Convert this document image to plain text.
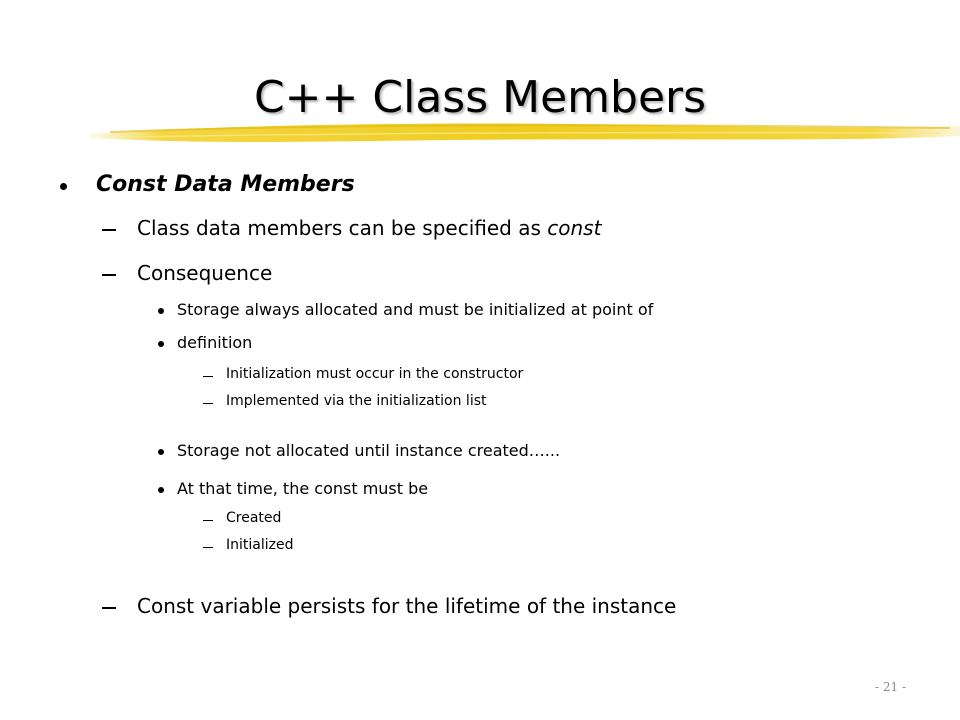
C++ Class Members
Const Data Members
Class data members can be specified as const
Consequence
Storage always allocated and must be initialized at point of
definition
Initialization must occur in the constructor
Implemented via the initialization list
Storage not allocated until instance created…...
At that time, the const must be
Created
Initialized
Const variable persists for the lifetime of the instance
- 21 -
